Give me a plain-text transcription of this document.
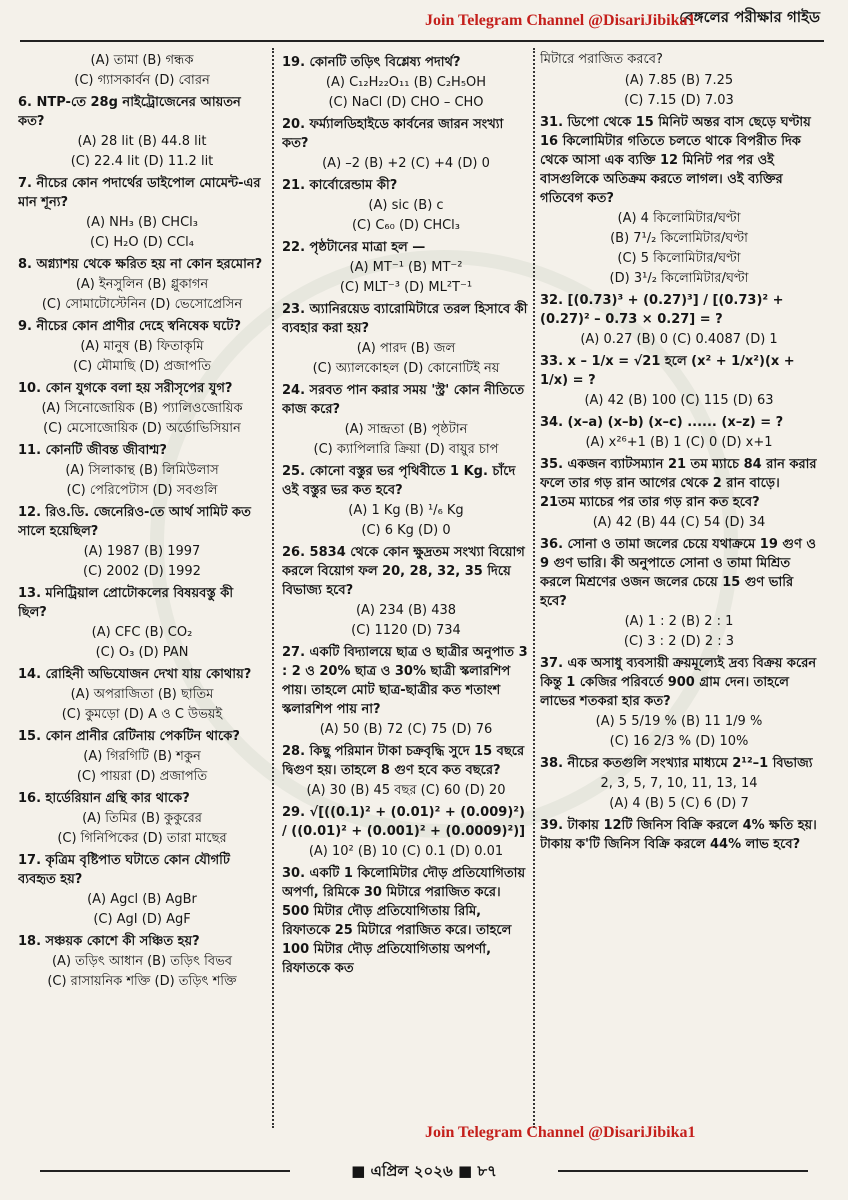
বেঙ্গলের পরীক্ষার গাইড
Join Telegram Channel @DisariJibika1
(A) তামা (B) গন্ধক
(C) গ্যাসকার্বন (D) বোরন
6. NTP-তে 28g নাইট্রোজেনের আয়তন কত?
(A) 28 lit (B) 44.8 lit
(C) 22.4 lit (D) 11.2 lit
7. নীচের কোন পদার্থের ডাইপোল মোমেন্ট-এর মান শূন্য?
(A) NH₃ (B) CHCl₃
(C) H₂O (D) CCl₄
8. অগ্ন্যাশয় থেকে ক্ষরিত হয় না কোন হরমোন?
(A) ইনসুলিন (B) গ্লুকাগন
(C) সোমাটোস্টেনিন (D) ভেসোপ্রেসিন
9. নীচের কোন প্রাণীর দেহে স্বনিষেক ঘটে?
(A) মানুষ (B) ফিতাকৃমি
(C) মৌমাছি (D) প্রজাপতি
10. কোন যুগকে বলা হয় সরীসৃপের যুগ?
(A) সিনোজোয়িক (B) প্যালিওজোয়িক
(C) মেসোজোয়িক (D) অর্ডোভিসিয়ান
11. কোনটি জীবন্ত জীবাশ্ম?
(A) সিলাকান্থ (B) লিমিউলাস
(C) পেরিপেটাস (D) সবগুলি
12. রিও.ডি. জেনেরিও-তে আর্থ সামিট কত সালে হয়েছিল?
(A) 1987 (B) 1997
(C) 2002 (D) 1992
13. মনিট্রিয়াল প্রোটোকলের বিষয়বস্তু কী ছিল?
(A) CFC (B) CO₂
(C) O₃ (D) PAN
14. রোহিনী অভিযোজন দেখা যায় কোথায়?
(A) অপরাজিতা (B) ছাতিম
(C) কুমড়ো (D) A ও C উভয়ই
15. কোন প্রানীর রেটিনায় পেকটিন থাকে?
(A) গিরগিটি (B) শকুন
(C) পায়রা (D) প্রজাপতি
16. হার্ডেরিয়ান গ্রন্থি কার থাকে?
(A) তিমির (B) কুকুরের
(C) গিনিপিকের (D) তারা মাছের
17. কৃত্রিম বৃষ্টিপাত ঘটাতে কোন যৌগটি ব্যবহৃত হয়?
(A) Agcl (B) AgBr
(C) AgI (D) AgF
18. সঞ্চয়ক কোশে কী সঞ্চিত হয়?
(A) তড়িৎ আধান (B) তড়িৎ বিভব
(C) রাসায়নিক শক্তি (D) তড়িৎ শক্তি
19. কোনটি তড়িৎ বিশ্লেষ্য পদার্থ?
(A) C₁₂H₂₂O₁₁ (B) C₂H₅OH
(C) NaCl (D) CHO – CHO
20. ফর্ম্যালডিহাইডে কার্বনের জারন সংখ্যা কত?
(A) –2 (B) +2 (C) +4 (D) 0
21. কার্বোরেন্ডাম কী?
(A) sic (B) c
(C) C₆₀ (D) CHCl₃
22. পৃষ্ঠটানের মাত্রা হল —
(A) MT⁻¹ (B) MT⁻²
(C) MLT⁻³ (D) ML²T⁻¹
23. অ্যানিরয়েড ব্যারোমিটারে তরল হিসাবে কী ব্যবহার করা হয়?
(A) পারদ (B) জল
(C) অ্যালকোহল (D) কোনোটিই নয়
24. সরবত পান করার সময় 'স্ট্র' কোন নীতিতে কাজ করে?
(A) সান্দ্রতা (B) পৃষ্ঠটান
(C) ক্যাপিলারি ক্রিয়া (D) বায়ুর চাপ
25. কোনো বস্তুর ভর পৃথিবীতে 1 Kg. চাঁদে ওই বস্তুর ভর কত হবে?
(A) 1 Kg (B) ¹/₆ Kg
(C) 6 Kg (D) 0
26. 5834 থেকে কোন ক্ষুদ্রতম সংখ্যা বিয়োগ করলে বিয়োগ ফল 20, 28, 32, 35 দিয়ে বিভাজ্য হবে?
(A) 234 (B) 438
(C) 1120 (D) 734
27. একটি বিদ্যালয়ে ছাত্র ও ছাত্রীর অনুপাত 3 : 2 ও 20% ছাত্র ও 30% ছাত্রী স্কলারশিপ পায়। তাহলে মোট ছাত্র-ছাত্রীর কত শতাংশ স্কলারশিপ পায় না?
(A) 50 (B) 72 (C) 75 (D) 76
28. কিছু পরিমান টাকা চক্রবৃদ্ধি সুদে 15 বছরে দ্বিগুণ হয়। তাহলে 8 গুণ হবে কত বছরে?
(A) 30 (B) 45 বছর (C) 60 (D) 20
29. √[((0.1)² + (0.01)² + (0.009)²) / ((0.01)² + (0.001)² + (0.0009)²)]
(A) 10² (B) 10 (C) 0.1 (D) 0.01
30. একটি 1 কিলোমিটার দৌড় প্রতিযোগিতায় অপর্ণা, রিমিকে 30 মিটারে পরাজিত করে। 500 মিটার দৌড় প্রতিযোগিতায় রিমি, রিফাতকে 25 মিটারে পরাজিত করে। তাহলে 100 মিটার দৌড় প্রতিযোগিতায় অপর্ণা, রিফাতকে কত
মিটারে পরাজিত করবে?
(A) 7.85 (B) 7.25
(C) 7.15 (D) 7.03
31. ডিপো থেকে 15 মিনিট অন্তর বাস ছেড়ে ঘণ্টায় 16 কিলোমিটার গতিতে চলতে থাকে বিপরীত দিক থেকে আসা এক ব্যক্তি 12 মিনিট পর পর ওই বাসগুলিকে অতিক্রম করতে লাগল। ওই ব্যক্তির গতিবেগ কত?
(A) 4 কিলোমিটার/ঘণ্টা
(B) 7¹/₂ কিলোমিটার/ঘণ্টা
(C) 5 কিলোমিটার/ঘণ্টা
(D) 3¹/₂ কিলোমিটার/ঘণ্টা
32. [(0.73)³ + (0.27)³] / [(0.73)² + (0.27)² – 0.73 × 0.27] = ?
(A) 0.27 (B) 0 (C) 0.4087 (D) 1
33. x – 1/x = √21 হলে (x² + 1/x²)(x + 1/x) = ?
(A) 42 (B) 100 (C) 115 (D) 63
34. (x–a) (x–b) (x–c) ...... (x–z) = ?
(A) x²⁶+1 (B) 1 (C) 0 (D) x+1
35. একজন ব্যাটসম্যান 21 তম ম্যাচে 84 রান করার ফলে তার গড় রান আগের থেকে 2 রান বাড়ে। 21তম ম্যাচের পর তার গড় রান কত হবে?
(A) 42 (B) 44 (C) 54 (D) 34
36. সোনা ও তামা জলের চেয়ে যথাক্রমে 19 গুণ ও 9 গুণ ভারি। কী অনুপাতে সোনা ও তামা মিশ্রিত করলে মিশ্রণের ওজন জলের চেয়ে 15 গুণ ভারি হবে?
(A) 1 : 2 (B) 2 : 1
(C) 3 : 2 (D) 2 : 3
37. এক অসাধু ব্যবসায়ী ক্রয়মূল্যেই দ্রব্য বিক্রয় করেন কিন্তু 1 কেজির পরিবর্তে 900 গ্রাম দেন। তাহলে লাভের শতকরা হার কত?
(A) 5 5/19 % (B) 11 1/9 %
(C) 16 2/3 % (D) 10%
38. নীচের কতগুলি সংখ্যার মাধ্যমে 2¹²–1 বিভাজ্য
2, 3, 5, 7, 10, 11, 13, 14
(A) 4 (B) 5 (C) 6 (D) 7
39. টাকায় 12টি জিনিস বিক্রি করলে 4% ক্ষতি হয়। টাকায় ক'টি জিনিস বিক্রি করলে 44% লাভ হবে?
Join Telegram Channel @DisariJibika1
■ এপ্রিল ২০২৬ ■ ৮৭
